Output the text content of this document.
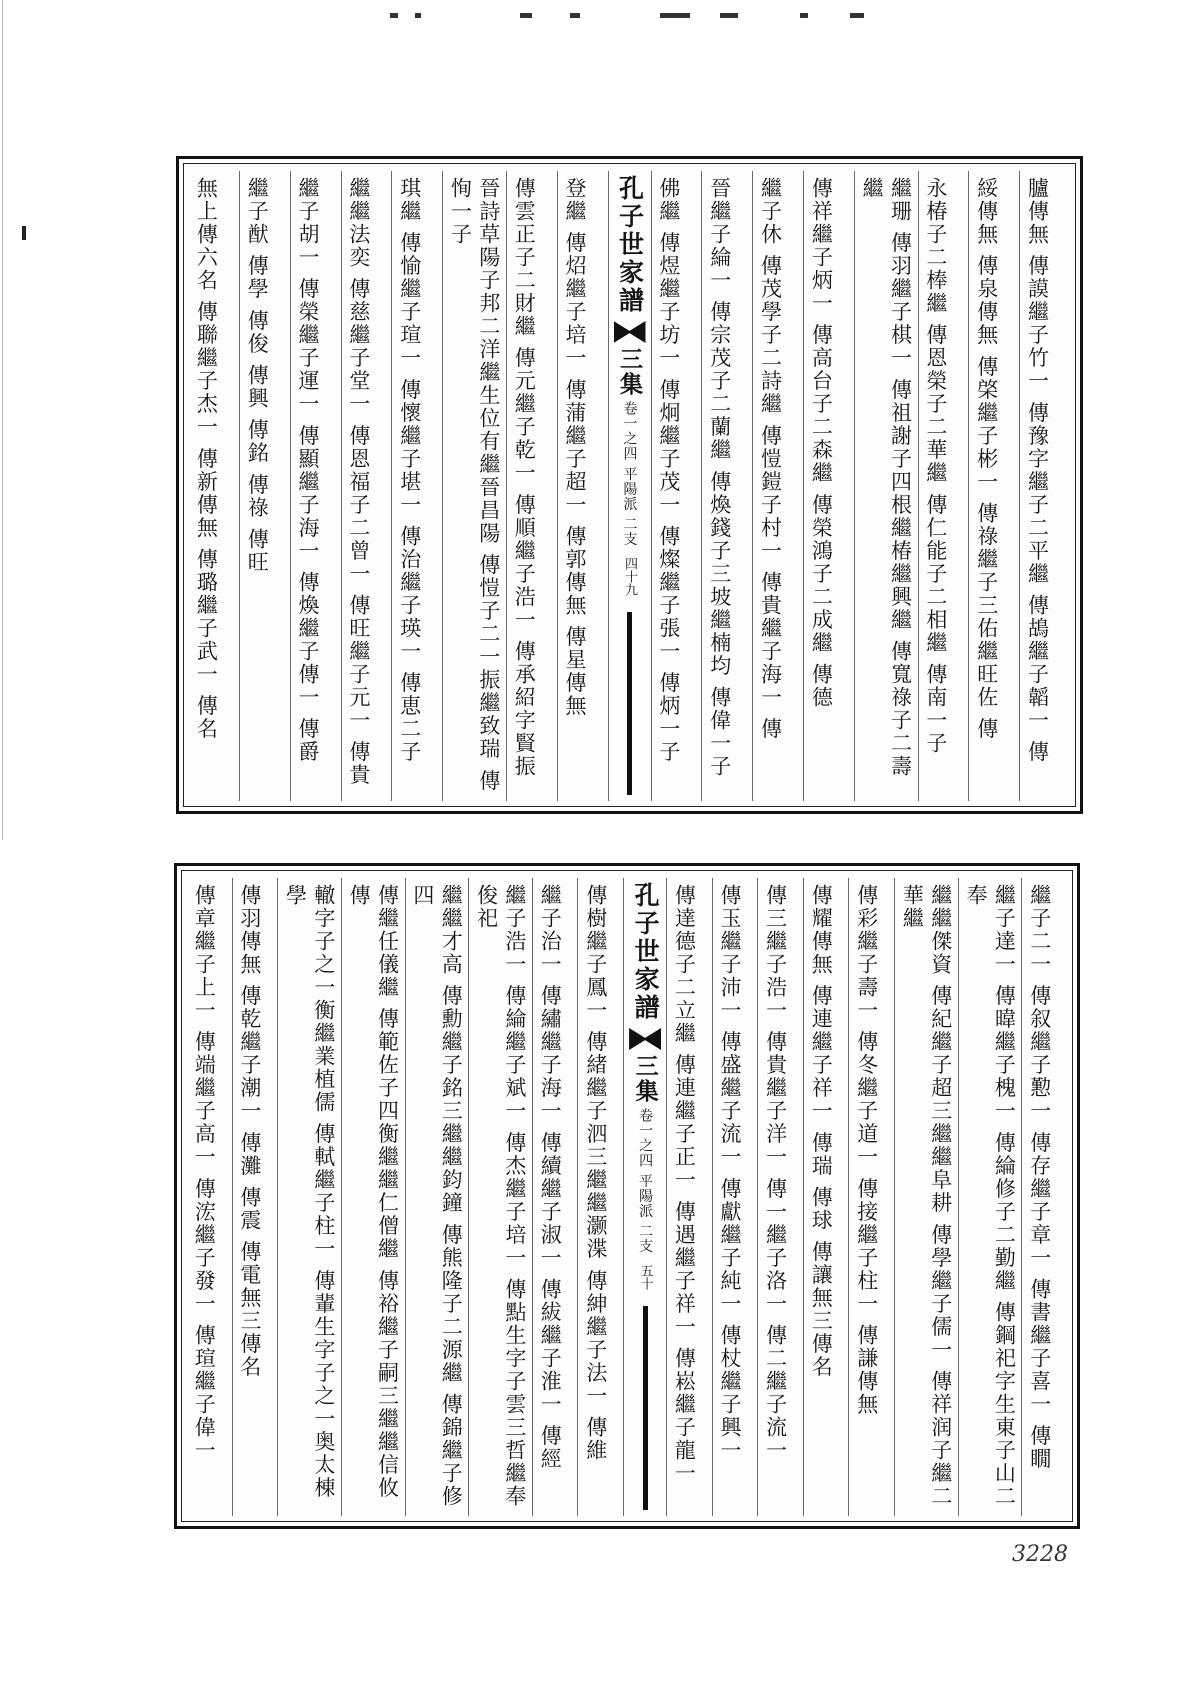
臚傳無 傳謨繼子竹一 傳豫字繼子二平繼 傳鴣繼子韜一 傳
綏傳無 傳泉傳無 傳棨繼子彬一 傳祿繼子三佑繼旺佐 傳
永椿子二棒繼 傳恩榮子二華繼 傳仁能子二相繼 傳南一子
繼珊 傳羽繼子棋一 傳祖謝子四根繼椿繼興繼 傳寬祿子二壽繼
傳祥繼子炳一 傳高台子二森繼 傳榮鴻子二成繼 傳德
繼子休 傳茂學子二詩繼 傳愷鎧子村一 傳貴繼子海一 傳
晉繼子綸一 傳宗茂子二蘭繼 傳煥錢子三坡繼楠均 傳偉一子
佛繼 傳煜繼子坊一 傳炯繼子茂一 傳燦繼子張一 傳炳一子
孔子世家譜
三集
卷一之四 平陽派 二支
四十九
登繼 傳炤繼子培一 傳蒲繼子超一 傳郭傳無 傳星傳無
傳雲正子二財繼 傳元繼子乾一 傳順繼子浩一 傳承紹字賢振
晉詩草陽子邦二洋繼生位有繼晉昌陽 傳愷子二一振繼致瑞 傳恂一子
琪繼 傳愉繼子瑄一 傳懷繼子堪一 傳治繼子瑛一 傳恵二子
繼繼法奕 傳慈繼子堂一 傳恩福子二曾一 傳旺繼子元一 傳貴
繼子胡一 傳榮繼子運一 傳顯繼子海一 傳煥繼子傳一 傳爵
繼子猷 傳學 傳俊 傳興 傳銘 傳祿 傳旺
無上傳六名 傳聯繼子杰一 傳新傳無 傳璐繼子武一 傳名
繼子二一 傳叙繼子懃一 傳存繼子章一 傳書繼子喜一 傳瞯
繼子達一 傳暐繼子槐一 傳綸修子二勤繼 傳鋼祀字生東子山二奉
繼繼傑資 傳紀繼子超三繼繼阜耕 傳學繼子儒一 傳祥润子繼二華繼
傳彩繼子壽一 傳冬繼子道一 傳接繼子柱一 傳謙傳無
傳耀傳無 傳連繼子祥一 傳瑞 傳球 傳讓無三傳名
傳三繼子浩一 傳貴繼子洋一 傳一繼子洛一 傳二繼子流一
傳玉繼子沛一 傳盛繼子流一 傳獻繼子純一 傳杖繼子興一
傳達德子二立繼 傳連繼子正一 傳遇繼子祥一 傳崧繼子龍一
孔子世家譜
三集
卷一之四 平陽派 二支
五十
傳樹繼子鳳一 傳緒繼子泗三繼繼灏渫 傳紳繼子法一 傳維
繼子治一 傳繡繼子海一 傳續繼子淑一 傳紱繼子淮一 傳經
繼子浩一 傳綸繼子斌一 傳杰繼子培一 傳點生字子雲三哲繼奉俊祀
繼繼才高 傳勳繼子銘三繼繼鈞鐘 傳熊隆子二源繼 傳錦繼子修四
傳繼任儀繼 傳範佐子四衡繼繼仁僧繼 傳裕繼子嗣三繼繼信攸 傳
轍字子之一衡繼業植儒 傳軾繼子柱一 傳輩生字子之一奥太棟學
傳羽傳無 傳乾繼子潮一 傳灘 傳震 傳電無三傳名
傳章繼子上一 傳端繼子高一 傳浤繼子發一 傳瑄繼子偉一
3228
